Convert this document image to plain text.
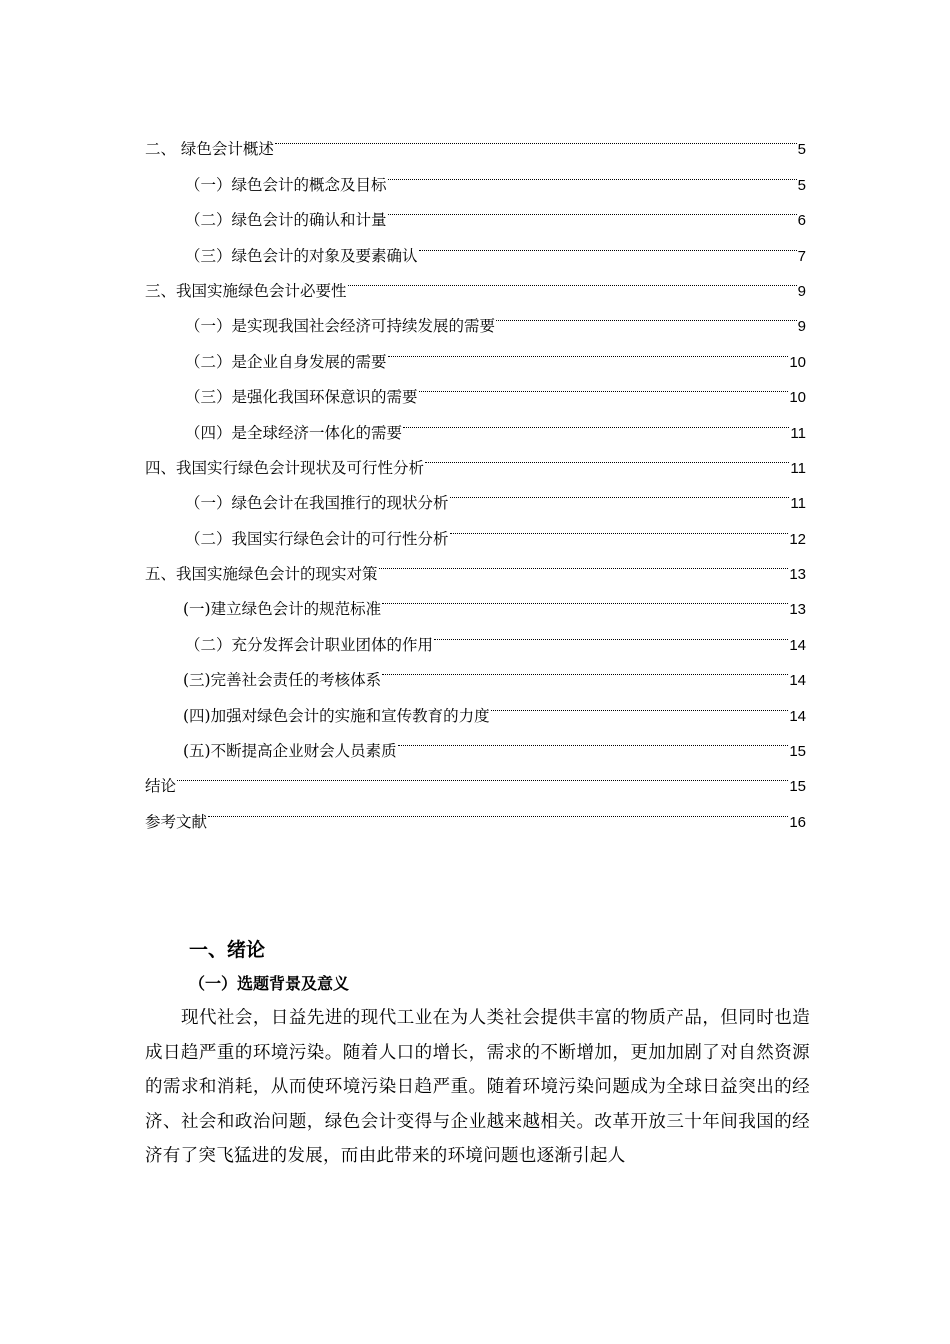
二、 绿色会计概述	5
（一）绿色会计的概念及目标	5
（二）绿色会计的确认和计量	6
（三）绿色会计的对象及要素确认	7
三、我国实施绿色会计必要性	9
（一）是实现我国社会经济可持续发展的需要	9
（二）是企业自身发展的需要	10
（三）是强化我国环保意识的需要	10
（四）是全球经济一体化的需要	11
四、我国实行绿色会计现状及可行性分析	11
（一）绿色会计在我国推行的现状分析	11
（二）我国实行绿色会计的可行性分析	12
五、我国实施绿色会计的现实对策	13
(一)建立绿色会计的规范标准	13
（二）充分发挥会计职业团体的作用	14
(三)完善社会责任的考核体系	14
(四)加强对绿色会计的实施和宣传教育的力度	14
(五)不断提高企业财会人员素质	15
结论	15
参考文献	16
一、绪论
（一）选题背景及意义

现代社会，日益先进的现代工业在为人类社会提供丰富的物质产品，但同时也造成日趋严重的环境污染。随着人口的增长，需求的不断增加，更加加剧了对自然资源的需求和消耗，从而使环境污染日趋严重。随着环境污染问题成为全球日益突出的经济、社会和政治问题，绿色会计变得与企业越来越相关。改革开放三十年间我国的经济有了突飞猛进的发展，而由此带来的环境问题也逐渐引起人
